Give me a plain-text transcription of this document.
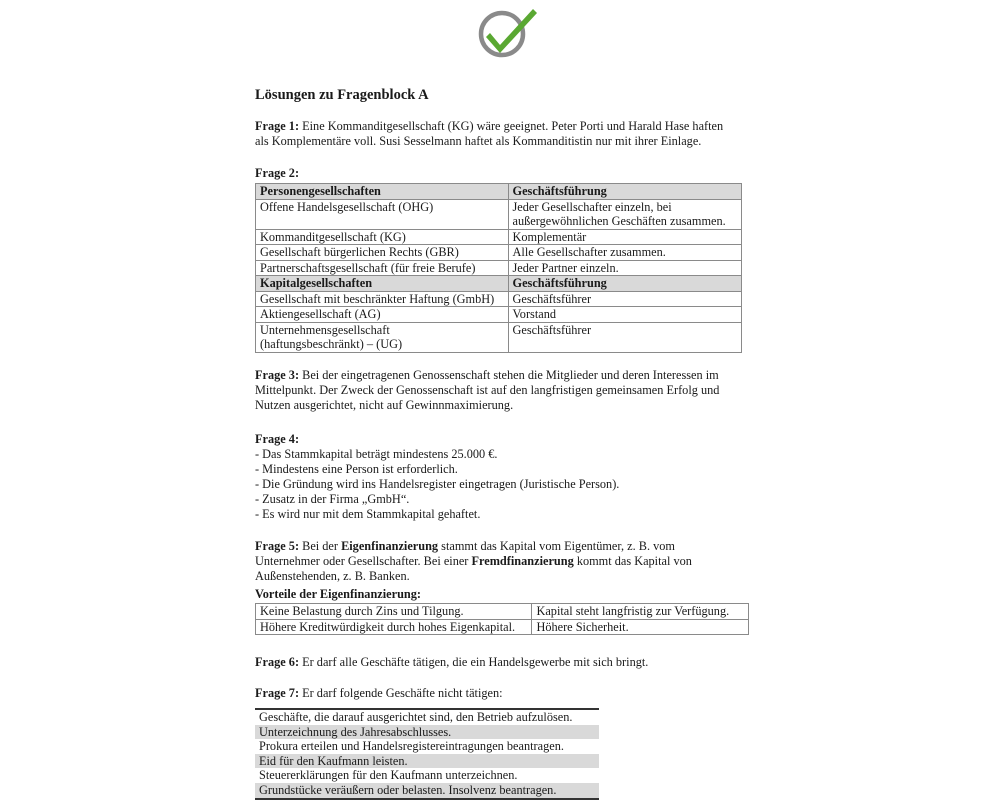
Lösungen zu Fragenblock A
Frage 1: Eine Kommanditgesellschaft (KG) wäre geeignet. Peter Porti und Harald Hase haften
als Komplementäre voll. Susi Sesselmann haftet als Kommanditistin nur mit ihrer Einlage.
Frage 2:
Personengesellschaften	Geschäftsführung
Offene Handelsgesellschaft (OHG)	Jeder Gesellschafter einzeln, bei
außergewöhnlichen Geschäften zusammen.

Kommanditgesellschaft (KG)	Komplementär
Gesellschaft bürgerlichen Rechts (GBR)	Alle Gesellschafter zusammen.
Partnerschaftsgesellschaft (für freie Berufe)	Jeder Partner einzeln.
Kapitalgesellschaften	Geschäftsführung
Gesellschaft mit beschränkter Haftung (GmbH)	Geschäftsführer
Aktiengesellschaft (AG)	Vorstand

Unternehmensgesellschaft
(haftungsbeschränkt) – (UG)	Geschäftsführer
Frage 3: Bei der eingetragenen Genossenschaft stehen die Mitglieder und deren Interessen im
Mittelpunkt. Der Zweck der Genossenschaft ist auf den langfristigen gemeinsamen Erfolg und
Nutzen ausgerichtet, nicht auf Gewinnmaximierung.
Frage 4:
- Das Stammkapital beträgt mindestens 25.000 €.
- Mindestens eine Person ist erforderlich.
- Die Gründung wird ins Handelsregister eingetragen (Juristische Person).
- Zusatz in der Firma „GmbH“.
- Es wird nur mit dem Stammkapital gehaftet.
Frage 5: Bei der Eigenfinanzierung stammt das Kapital vom Eigentümer, z. B. vom
Unternehmer oder Gesellschafter. Bei einer Fremdfinanzierung kommt das Kapital von
Außenstehenden, z. B. Banken.
Vorteile der Eigenfinanzierung:
Keine Belastung durch Zins und Tilgung.	Kapital steht langfristig zur Verfügung.
Höhere Kreditwürdigkeit durch hohes Eigenkapital.	Höhere Sicherheit.
Frage 6: Er darf alle Geschäfte tätigen, die ein Handelsgewerbe mit sich bringt.
Frage 7: Er darf folgende Geschäfte nicht tätigen:
Geschäfte, die darauf ausgerichtet sind, den Betrieb aufzulösen.
Unterzeichnung des Jahresabschlusses.
Prokura erteilen und Handelsregistereintragungen beantragen.
Eid für den Kaufmann leisten.
Steuererklärungen für den Kaufmann unterzeichnen.
Grundstücke veräußern oder belasten. Insolvenz beantragen.
